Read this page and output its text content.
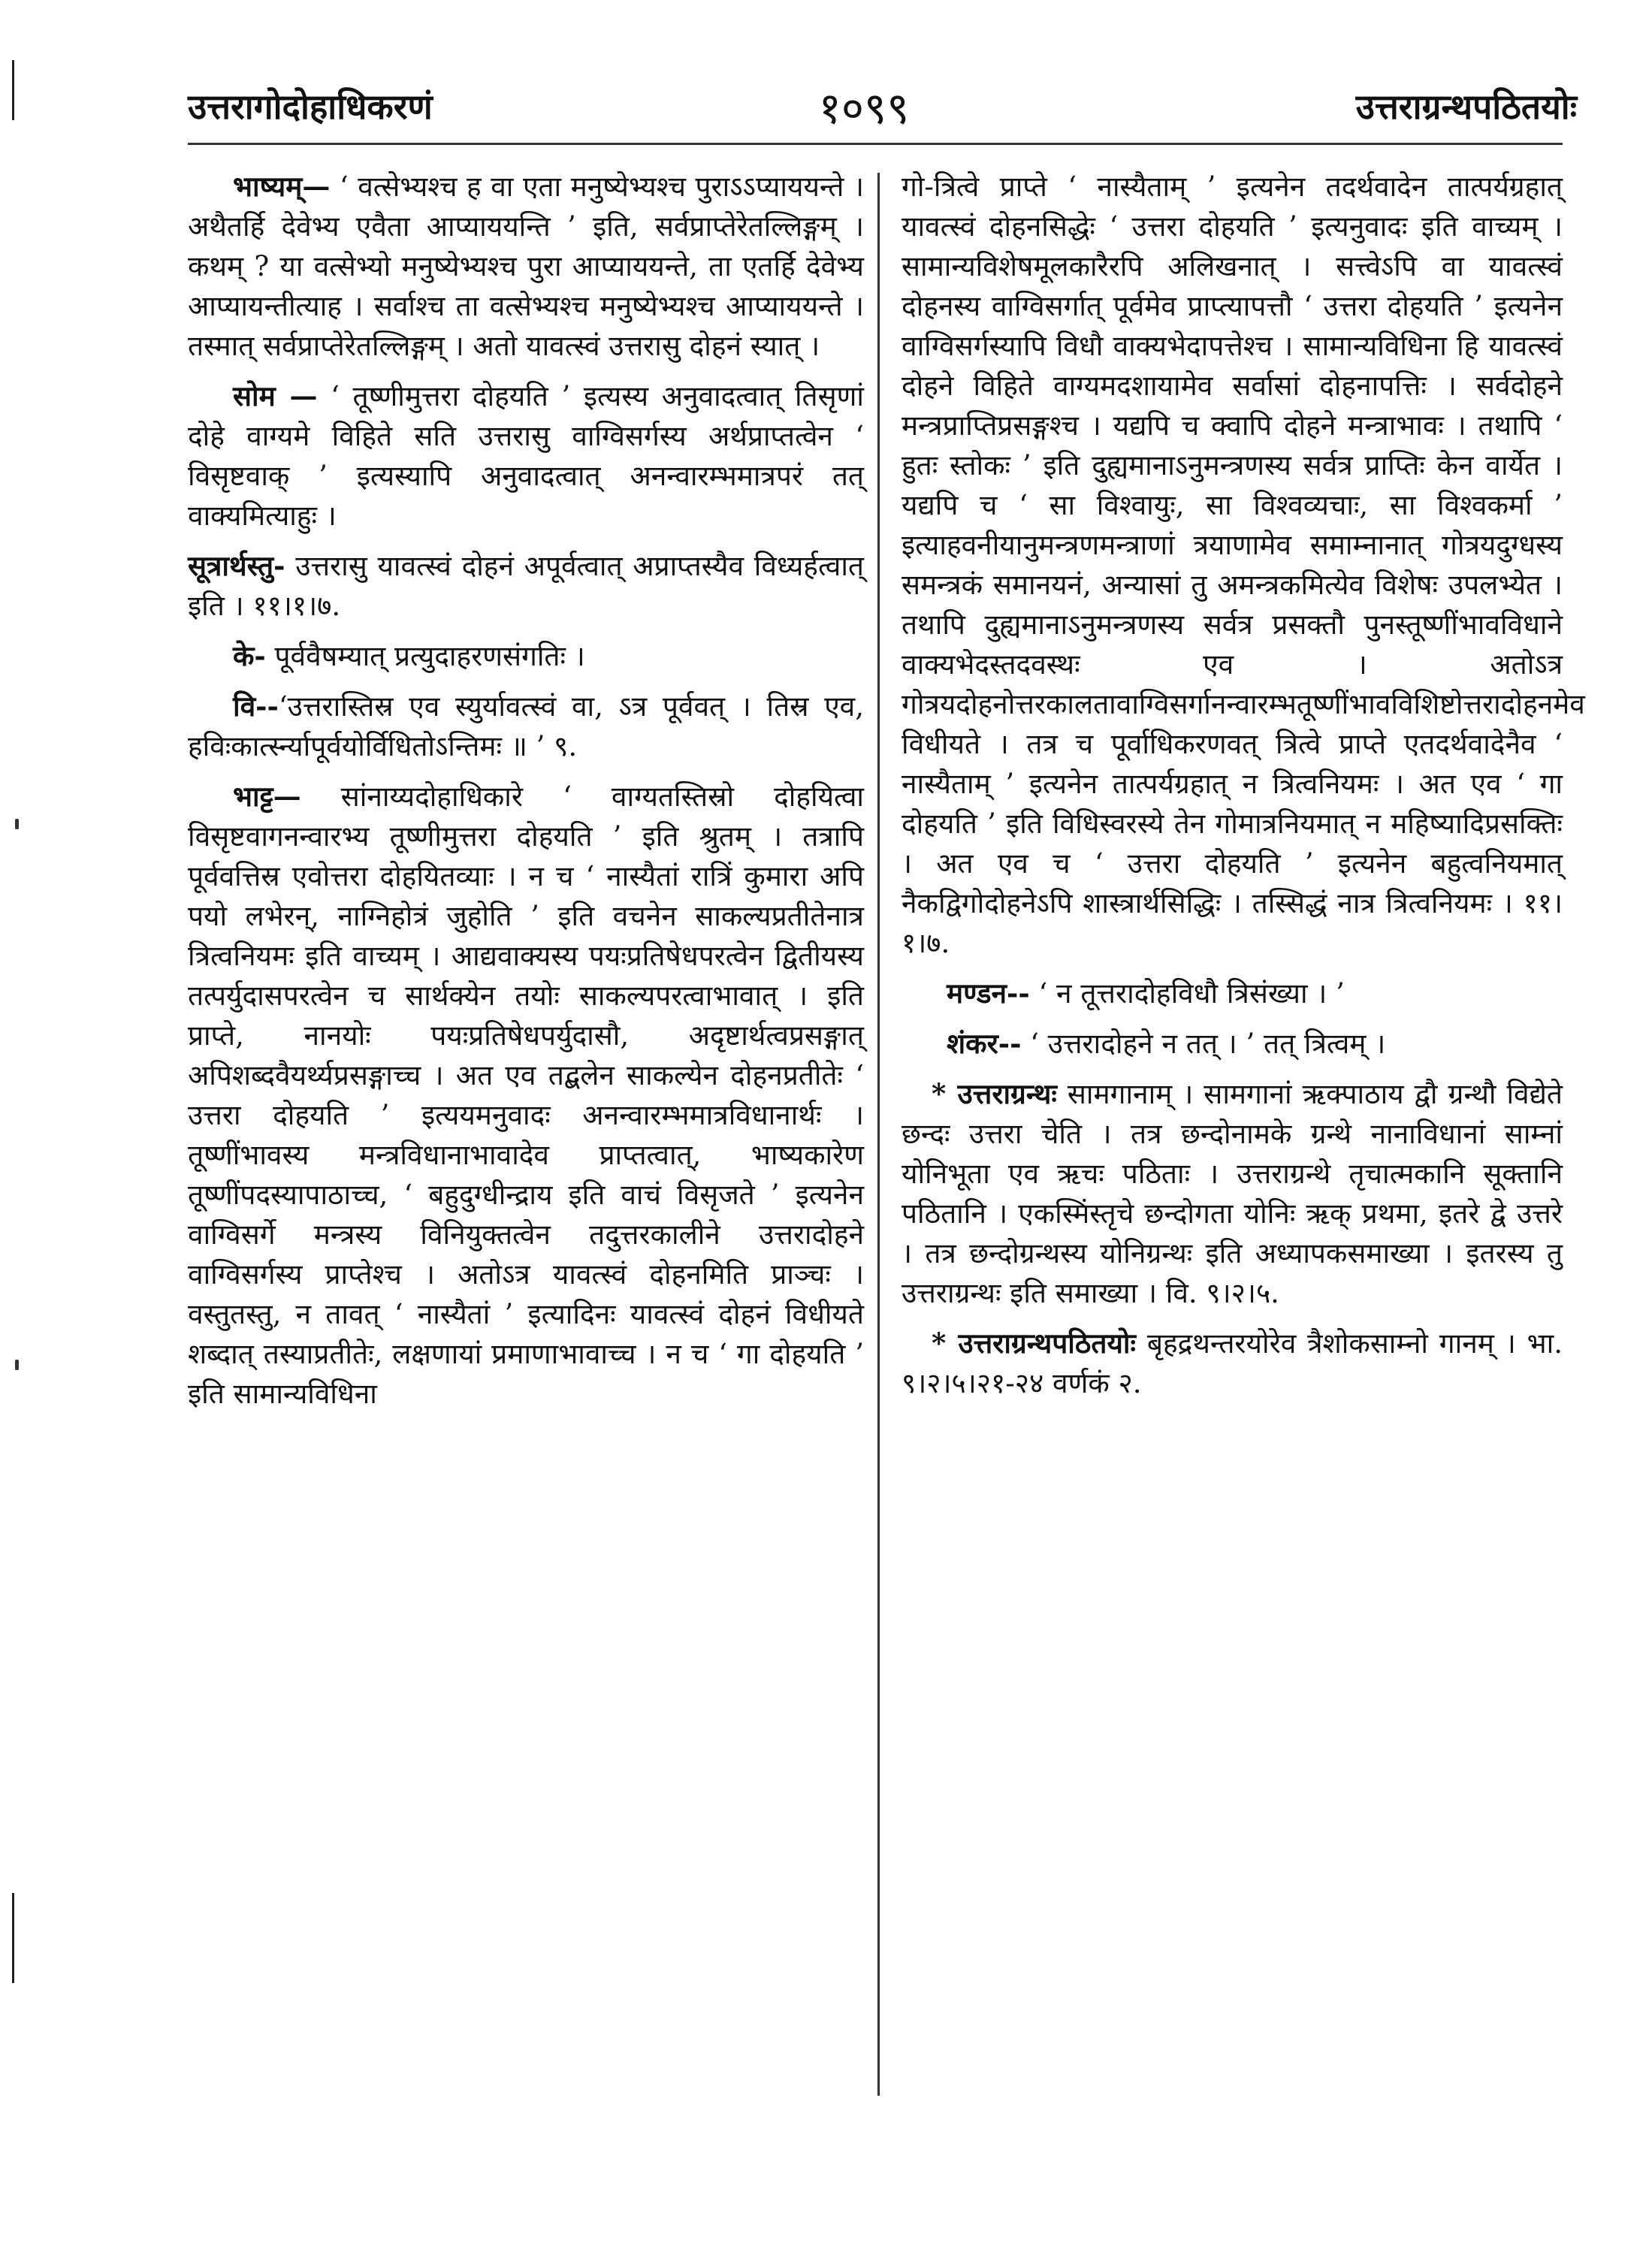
उत्तरागोदोहाधिकरणं	१०९९	उत्तराग्रन्थपठितयोः

भाष्यम्— ‘ वत्सेभ्यश्च ह वा एता मनुष्येभ्यश्च पुराऽऽप्याययन्ते । अथैतर्हि देवेभ्य एवैता आप्याययन्ति ’ इति, सर्वप्राप्तेरेतल्लिङ्गम् । कथम् ? या वत्सेभ्यो मनुष्येभ्यश्च पुरा आप्याययन्ते, ता एतर्हि देवेभ्य आप्यायन्तीत्याह । सर्वाश्च ता वत्सेभ्यश्च मनुष्येभ्यश्च आप्याययन्ते । तस्मात् सर्वप्राप्तेरेतल्लिङ्गम् । अतो यावत्स्वं उत्तरासु दोहनं स्यात् ।

सोम — ‘ तूष्णीमुत्तरा दोहयति ’ इत्यस्य अनुवादत्वात् तिसृणां दोहे वाग्यमे विहिते सति उत्तरासु वाग्विसर्गस्य अर्थप्राप्तत्वेन ‘ विसृष्टवाक् ’ इत्यस्यापि अनुवादत्वात् अनन्वारम्भमात्रपरं तत् वाक्यमित्याहुः ।

सूत्रार्थस्तु- उत्तरासु यावत्स्वं दोहनं अपूर्वत्वात् अप्राप्तस्यैव विध्यर्हत्वात् इति । ११।१।७.

के- पूर्ववैषम्यात् प्रत्युदाहरणसंगतिः ।

वि--‘उत्तरास्तिस्र एव स्युर्यावत्स्वं वा, ऽत्र पूर्ववत् । तिस्र एव, हविःकार्त्स्न्यापूर्वयोर्विधितोऽन्तिमः ॥ ’ ९.

भाट्ट— सांनाय्यदोहाधिकारे ‘ वाग्यतस्तिस्रो दोहयित्वा विसृष्टवागनन्वारभ्य तूष्णीमुत्तरा दोहयति ’ इति श्रुतम् । तत्रापि पूर्ववत्तिस्र एवोत्तरा दोहयितव्याः । न च ‘ नास्यैतां रात्रिं कुमारा अपि पयो लभेरन्, नाग्निहोत्रं जुहोति ’ इति वचनेन साकल्यप्रतीतेनात्र त्रित्वनियमः इति वाच्यम् । आद्यवाक्यस्य पयःप्रतिषेधपरत्वेन द्वितीयस्य तत्पर्युदासपरत्वेन च सार्थक्येन तयोः साकल्यपरत्वाभावात् । इति प्राप्ते, नानयोः पयःप्रतिषेधपर्युदासौ, अदृष्टार्थत्वप्रसङ्गात् अपिशब्दवैयर्थ्यप्रसङ्गाच्च । अत एव तद्बलेन साकल्येन दोहनप्रतीतेः ‘ उत्तरा दोहयति ’ इत्ययमनुवादः अनन्वारम्भमात्रविधानार्थः । तूष्णींभावस्य मन्त्रविधानाभावादेव प्राप्तत्वात्, भाष्यकारेण तूष्णींपदस्यापाठाच्च, ‘ बहुदुग्धीन्द्राय इति वाचं विसृजते ’ इत्यनेन वाग्विसर्गे मन्त्रस्य विनियुक्तत्वेन तदुत्तरकालीने उत्तरादोहने वाग्विसर्गस्य प्राप्तेश्च । अतोऽत्र यावत्स्वं दोहनमिति प्राञ्चः । वस्तुतस्तु, न तावत् ‘ नास्यैतां ’ इत्यादिनः यावत्स्वं दोहनं विधीयते शब्दात् तस्याप्रतीतेः, लक्षणायां प्रमाणाभावाच्च । न च ‘ गा दोहयति ’ इति सामान्यविधिना

गो-त्रित्वे प्राप्ते ‘ नास्यैताम् ’ इत्यनेन तदर्थवादेन तात्पर्यग्रहात् यावत्स्वं दोहनसिद्धेः ‘ उत्तरा दोहयति ’ इत्यनुवादः इति वाच्यम् । सामान्यविशेषमूलकारैरपि अलिखनात् । सत्त्वेऽपि वा यावत्स्वं दोहनस्य वाग्विसर्गात् पूर्वमेव प्राप्त्यापत्तौ ‘ उत्तरा दोहयति ’ इत्यनेन वाग्विसर्गस्यापि विधौ वाक्यभेदापत्तेश्च । सामान्यविधिना हि यावत्स्वं दोहने विहिते वाग्यमदशायामेव सर्वासां दोहनापत्तिः । सर्वदोहने मन्त्रप्राप्तिप्रसङ्गश्च । यद्यपि च क्वापि दोहने मन्त्राभावः । तथापि ‘ हुतः स्तोकः ’ इति दुह्यमानाऽनुमन्त्रणस्य सर्वत्र प्राप्तिः केन वार्येत । यद्यपि च ‘ सा विश्वायुः, सा विश्वव्यचाः, सा विश्वकर्मा ’ इत्याहवनीयानुमन्त्रणमन्त्राणां त्रयाणामेव समाम्नानात् गोत्रयदुग्धस्य समन्त्रकं समानयनं, अन्यासां तु अमन्त्रकमित्येव विशेषः उपलभ्येत । तथापि दुह्यमानाऽनुमन्त्रणस्य सर्वत्र प्रसक्तौ पुनस्तूष्णींभावविधाने वाक्यभेदस्तदवस्थः एव । अतोऽत्र गोत्रयदोहनोत्तरकालतावाग्विसर्गानन्वारम्भतूष्णींभावविशिष्टोत्तरादोहनमेव विधीयते । तत्र च पूर्वाधिकरणवत् त्रित्वे प्राप्ते एतदर्थवादेनैव ‘ नास्यैताम् ’ इत्यनेन तात्पर्यग्रहात् न त्रित्वनियमः । अत एव ‘ गा दोहयति ’ इति विधिस्वरस्ये तेन गोमात्रनियमात् न महिष्यादिप्रसक्तिः । अत एव च ‘ उत्तरा दोहयति ’ इत्यनेन बहुत्वनियमात् नैकद्विगोदोहनेऽपि शास्त्रार्थसिद्धिः । तस्सिद्धं नात्र त्रित्वनियमः । ११।१।७.

मण्डन-- ‘ न तूत्तरादोहविधौ त्रिसंख्या । ’

शंकर-- ‘ उत्तरादोहने न तत् । ’ तत् त्रित्वम् ।

* उत्तराग्रन्थः सामगानाम् । सामगानां ऋक्पाठाय द्वौ ग्रन्थौ विद्येते छन्दः उत्तरा चेति । तत्र छन्दोनामके ग्रन्थे नानाविधानां साम्नां योनिभूता एव ऋचः पठिताः । उत्तराग्रन्थे तृचात्मकानि सूक्तानि पठितानि । एकस्मिंस्तृचे छन्दोगता योनिः ऋक् प्रथमा, इतरे द्वे उत्तरे । तत्र छन्दोग्रन्थस्य योनिग्रन्थः इति अध्यापकसमाख्या । इतरस्य तु उत्तराग्रन्थः इति समाख्या । वि. ९।२।५.

* उत्तराग्रन्थपठितयोः बृहद्रथन्तरयोरेव त्रैशोकसाम्नो गानम् । भा. ९।२।५।२१-२४ वर्णकं २.
